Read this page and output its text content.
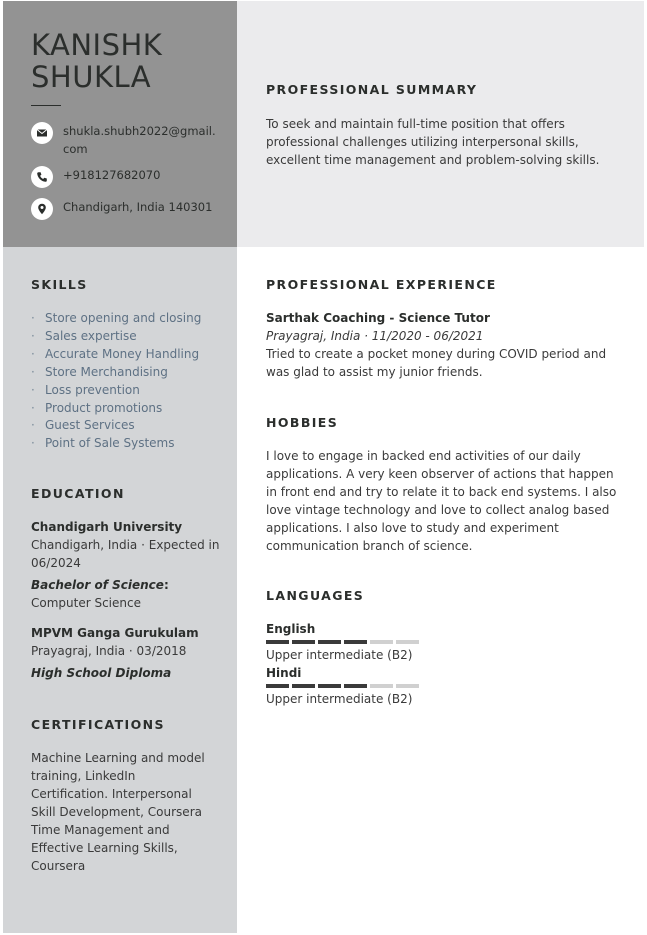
KANISHK
SHUKLA
shukla.shubh2022@gmail.com
+918127682070
Chandigarh, India 140301
PROFESSIONAL SUMMARY
To seek and maintain full-time position that offers professional challenges utilizing interpersonal skills, excellent time management and problem-solving skills.
SKILLS
· Store opening and closing
· Sales expertise
· Accurate Money Handling
· Store Merchandising
· Loss prevention
· Product promotions
· Guest Services
· Point of Sale Systems
EDUCATION
Chandigarh University
Chandigarh, India · Expected in 06/2024
Bachelor of Science:
Computer Science
MPVM Ganga Gurukulam
Prayagraj, India · 03/2018
High School Diploma
CERTIFICATIONS
Machine Learning and model training, LinkedIn Certification. Interpersonal Skill Development, Coursera Time Management and Effective Learning Skills, Coursera
PROFESSIONAL EXPERIENCE
Sarthak Coaching - Science Tutor
Prayagraj, India · 11/2020 - 06/2021
Tried to create a pocket money during COVID period and was glad to assist my junior friends.
HOBBIES
I love to engage in backed end activities of our daily applications. A very keen observer of actions that happen in front end and try to relate it to back end systems. I also love vintage technology and love to collect analog based applications. I also love to study and experiment communication branch of science.
LANGUAGES
English
Upper intermediate (B2)
Hindi
Upper intermediate (B2)
